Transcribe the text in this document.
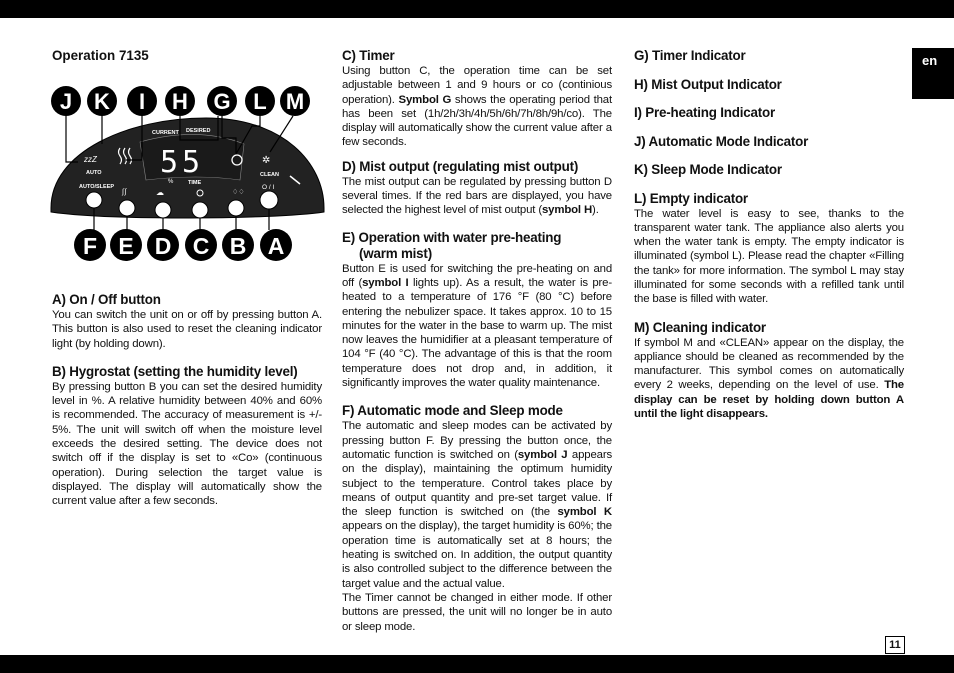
en
11
Operation 7135
CURRENT DESIRED
55
%	TIME
zzZ
AUTO
✲
CLEAN
AUTO/SLEEP
ʃʃ	☁	♢♢
O / I
J K I H G L M
F E D C B A
A) On / Off button

You can switch the unit on or off by pressing button A. This button is also used to reset the cleaning indicator light (by holding down).

B) Hygrostat (setting the humidity level)

By pressing button B you can set the desired humidity level in %. A relative humidity between 40% and 60% is recommended. The accuracy of measurement is +/- 5%. The unit will switch off when the moisture level exceeds the desired setting. The device does not switch off if the display is set to «Co» (continuous operation). During selection the target value is displayed. The display will automatically show the current value after a few seconds.

C) Timer

Using button C, the operation time can be set adjustable between 1 and 9 hours or co (continious operation). Symbol G shows the operating period that has been set (1h/2h/3h/4h/5h/6h/7h/8h/9h/co). The display will automatically show the current value after a few seconds.

D) Mist output (regulating mist output)

The mist output can be regulated by pressing button D several times. If the red bars are displayed, you have selected the highest level of mist output (symbol H).

E) Operation with water pre-heating
(warm mist)

Button E is used for switching the pre-heating on and off (symbol I lights up). As a result, the water is pre-heated to a temperature of 176 °F (80 °C) before entering the nebulizer space. It takes approx. 10 to 15 minutes for the water in the base to warm up. The mist now leaves the humidifier at a pleasant temperature of 104 °F (40 °C). The advantage of this is that the room temperature does not drop and, in addition, it significantly improves the water quality maintenance.

F) Automatic mode and Sleep mode

The automatic and sleep modes can be activated by pressing button F. By pressing the button once, the automatic function is switched on (symbol J appears on the display), maintaining the optimum humidity subject to the temperature. Control takes place by means of output quantity and pre-set target value. If the sleep function is switched on (the symbol K appears on the display), the target humidity is 60%; the operation time is automatically set at 8 hours; the heating is switched on. In addition, the output quantity is also controlled subject to the difference between the target value and the actual value.

The Timer cannot be changed in either mode. If other buttons are pressed, the unit will no longer be in auto or sleep mode.

G) Timer Indicator
H) Mist Output Indicator
I) Pre-heating Indicator
J) Automatic Mode Indicator
K) Sleep Mode Indicator
L) Empty indicator

The water level is easy to see, thanks to the transparent water tank. The appliance also alerts you when the water tank is empty. The empty indicator is illuminated (symbol L). Please read the chapter «Filling the tank» for more information. The symbol L may stay illuminated for some seconds with a refilled tank until the base is filled with water.

M) Cleaning indicator

If symbol M and «CLEAN» appear on the display, the appliance should be cleaned as recommended by the manufacturer. This symbol comes on automatically every 2 weeks, depending on the level of use. The display can be reset by holding down button A until the light disappears.
